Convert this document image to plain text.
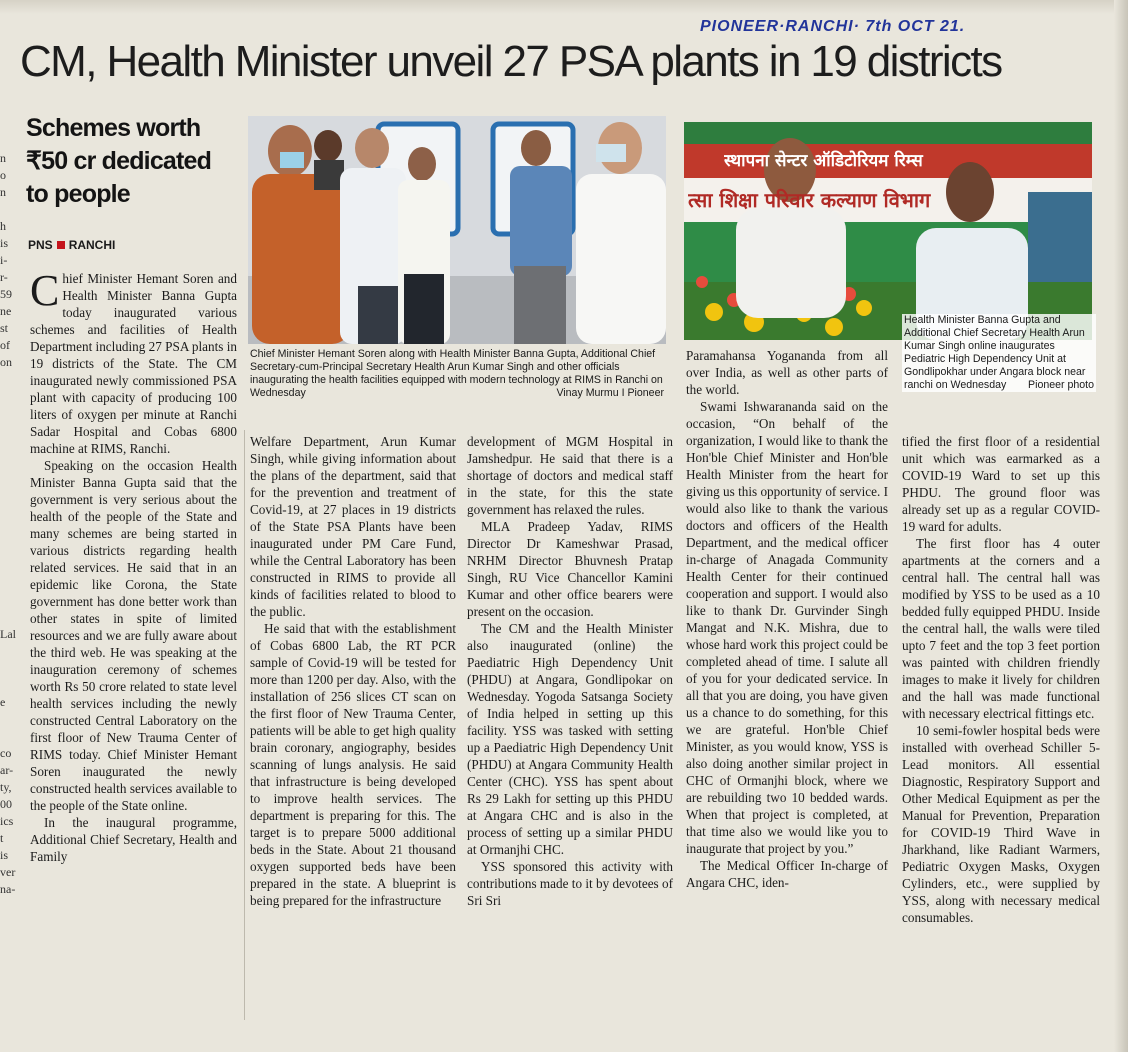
PIONEER·RANCHI· 7th OCT 21.
CM, Health Minister unveil 27 PSA plants in 19 districts
Schemes worth
₹50 cr dedicated
to people
PNS RANCHI
n
o
n

h
is
i-
r-
59
ne
st
of
on

Lal

e

co
ar-
ty,
00
ics
t is
ver
na-
Chief Minister Hemant Soren along with Health Minister Banna Gupta, Additional Chief Secretary-cum-Principal Secretary Health Arun Kumar Singh and other officials inaugurating the health facilities equipped with modern technology at RIMS in Ranchi on Wednesday	Vinay Murmu I Pioneer
स्थापना सेन्टर ऑडिटोरियम रिम्स
त्सा शिक्षा परिवार कल्याण विभाग
Health Minister Banna Gupta and Additional Chief Secretary Health Arun Kumar Singh online inaugurates Pediatric High Dependency Unit at Gondlipokhar under Angara block near ranchi on Wednesday Pioneer photo

Chief Minister Hemant Soren and Health Minister Banna Gupta today inaugurated various schemes and facilities of Health Department including 27 PSA plants in 19 districts of the State. The CM inaugurated newly commissioned PSA plant with capacity of producing 100 liters of oxygen per minute at Ranchi Sadar Hospital and Cobas 6800 machine at RIMS, Ranchi.

Speaking on the occasion Health Minister Banna Gupta said that the government is very serious about the health of the people of the State and many schemes are being started in various districts regarding health related services. He said that in an epidemic like Corona, the State government has done better work than other states in spite of limited resources and we are fully aware about the third web. He was speaking at the inauguration ceremony of schemes worth Rs 50 crore related to state level health services including the newly constructed Central Laboratory on the first floor of New Trauma Center of RIMS today. Chief Minister Hemant Soren inaugurated the newly constructed health services available to the people of the State online.

In the inaugural programme, Additional Chief Secretary, Health and Family

Welfare Department, Arun Kumar Singh, while giving information about the plans of the department, said that for the prevention and treatment of Covid-19, at 27 places in 19 districts of the State PSA Plants have been inaugurated under PM Care Fund, while the Central Laboratory has been constructed in RIMS to provide all kinds of facilities related to blood to the public.

He said that with the establishment of Cobas 6800 Lab, the RT PCR sample of Covid-19 will be tested for more than 1200 per day. Also, with the installation of 256 slices CT scan on the first floor of New Trauma Center, patients will be able to get high quality brain coronary, angiography, besides scanning of lungs analysis. He said that infrastructure is being developed to improve health services. The department is preparing for this. The target is to prepare 5000 additional beds in the State. About 21 thousand oxygen supported beds have been prepared in the state. A blueprint is being prepared for the infrastructure

development of MGM Hospital in Jamshedpur. He said that there is a shortage of doctors and medical staff in the state, for this the state government has relaxed the rules.

MLA Pradeep Yadav, RIMS Director Dr Kameshwar Prasad, NRHM Director Bhuvnesh Pratap Singh, RU Vice Chancellor Kamini Kumar and other office bearers were present on the occasion.

The CM and the Health Minister also inaugurated (online) the Paediatric High Dependency Unit (PHDU) at Angara, Gondlipokar on Wednesday. Yogoda Satsanga Society of India helped in setting up this facility. YSS was tasked with setting up a Paediatric High Dependency Unit (PHDU) at Angara Community Health Center (CHC). YSS has spent about Rs 29 Lakh for setting up this PHDU at Angara CHC and is also in the process of setting up a similar PHDU at Ormanjhi CHC.

YSS sponsored this activity with contributions made to it by devotees of Sri Sri

Paramahansa Yogananda from all over India, as well as other parts of the world.

Swami Ishwarananda said on the occasion, “On behalf of the organization, I would like to thank the Hon'ble Chief Minister and Hon'ble Health Minister from the heart for giving us this opportunity of service. I would also like to thank the various doctors and officers of the Health Department, and the medical officer in-charge of Anagada Community Health Center for their continued cooperation and support. I would also like to thank Dr. Gurvinder Singh Mangat and N.K. Mishra, due to whose hard work this project could be completed ahead of time. I salute all of you for your dedicated service. In all that you are doing, you have given us a chance to do something, for this we are grateful. Hon'ble Chief Minister, as you would know, YSS is also doing another similar project in CHC of Ormanjhi block, where we are rebuilding two 10 bedded wards. When that project is completed, at that time also we would like you to inaugurate that project by you.”

The Medical Officer In-charge of Angara CHC, iden-

tified the first floor of a residential unit which was earmarked as a COVID-19 Ward to set up this PHDU. The ground floor was already set up as a regular COVID-19 ward for adults.

The first floor has 4 outer apartments at the corners and a central hall. The central hall was modified by YSS to be used as a 10 bedded fully equipped PHDU. Inside the central hall, the walls were tiled upto 7 feet and the top 3 feet portion was painted with children friendly images to make it lively for children and the hall was made functional with necessary electrical fittings etc.

10 semi-fowler hospital beds were installed with overhead Schiller 5-Lead monitors. All essential Diagnostic, Respiratory Support and Other Medical Equipment as per the Manual for Prevention, Preparation for COVID-19 Third Wave in Jharkhand, like Radiant Warmers, Pediatric Oxygen Masks, Oxygen Cylinders, etc., were supplied by YSS, along with necessary medical consumables.
